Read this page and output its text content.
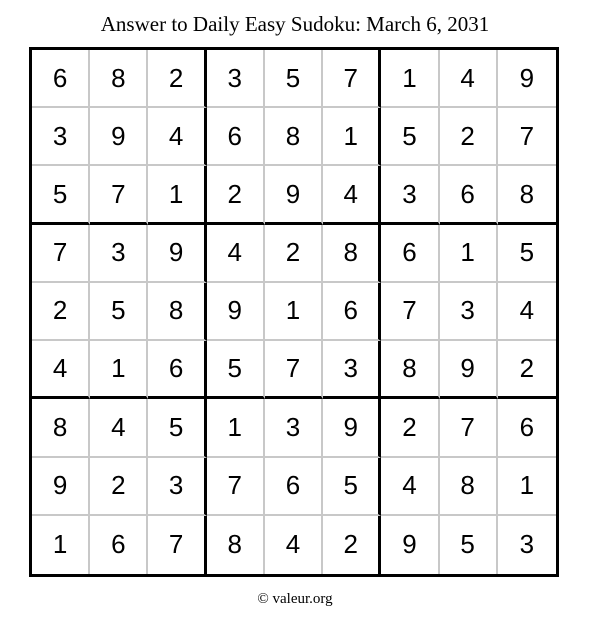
Answer to Daily Easy Sudoku: March 6, 2031
6	8	2	3	5	7	1	4	9
3	9	4	6	8	1	5	2	7
5	7	1	2	9	4	3	6	8
7	3	9	4	2	8	6	1	5
2	5	8	9	1	6	7	3	4
4	1	6	5	7	3	8	9	2
8	4	5	1	3	9	2	7	6
9	2	3	7	6	5	4	8	1
1	6	7	8	4	2	9	5	3
© valeur.org
